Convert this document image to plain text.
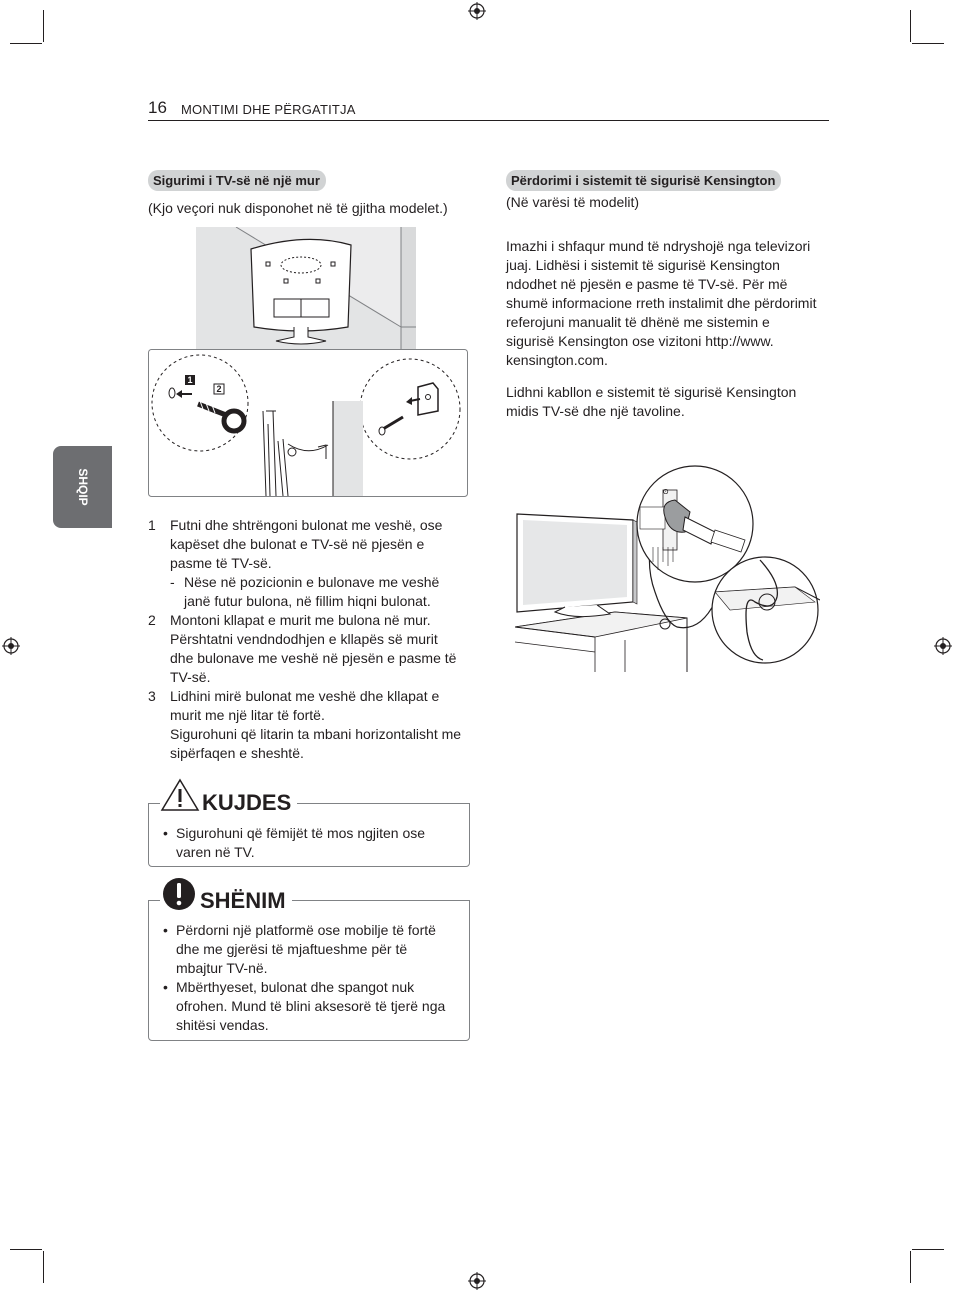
16 MONTIMI DHE PËRGATITJA
SHQIP
Sigurimi i TV-së në një mur
(Kjo veçori nuk disponohet në të gjitha modelet.)
1
2
1 Futni dhe shtrëngoni bulonat me veshë, ose
kapëset dhe bulonat e TV-së në pjesën e
pasme të TV-së.
- Nëse në pozicionin e bulonave me veshë
janë futur bulona, në fillim hiqni bulonat.
2 Montoni kllapat e murit me bulona në mur.
Përshtatni vendndodhjen e kllapës së murit
dhe bulonave me veshë në pjesën e pasme të
TV-së.
3 Lidhini mirë bulonat me veshë dhe kllapat e
murit me një litar të fortë.
Sigurohuni që litarin ta mbani horizontalisht me
sipërfaqen e sheshtë.
• Sigurohuni që fëmijët të mos ngjiten ose
varen në TV.
KUJDES
• Përdorni një platformë ose mobilje të fortë
dhe me gjerësi të mjaftueshme për të
mbajtur TV-në.
• Mbërthyeset, bulonat dhe spangot nuk
ofrohen. Mund të blini aksesorë të tjerë nga
shitësi vendas.
SHËNIM
Përdorimi i sistemit të sigurisë Kensington
(Në varësi të modelit)
Imazhi i shfaqur mund të ndryshojë nga televizori
juaj. Lidhësi i sistemit të sigurisë Kensington
ndodhet në pjesën e pasme të TV-së. Për më
shumë informacione rreth instalimit dhe përdorimit
referojuni manualit të dhënë me sistemin e
sigurisë Kensington ose vizitoni http://www.
kensington.com.
Lidhni kabllon e sistemit të sigurisë Kensington
midis TV-së dhe një tavoline.
ʘ
